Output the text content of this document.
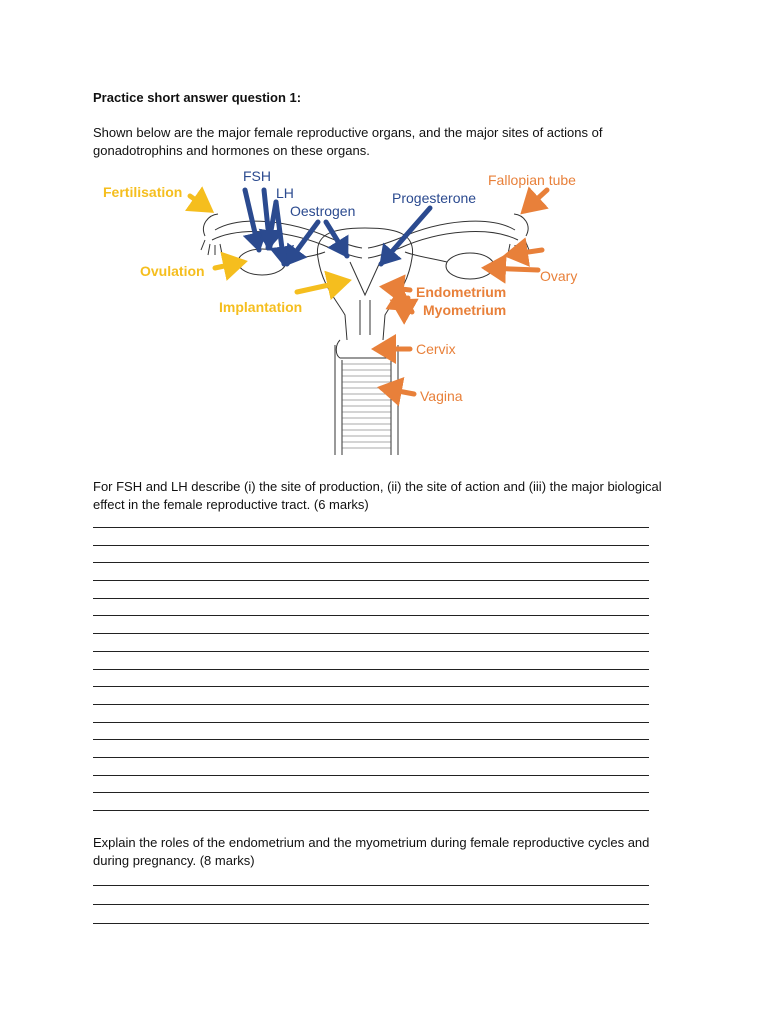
Practice short answer question 1:

Shown below are the major female reproductive organs, and the major sites of actions of gonadotrophins and hormones on these organs.

Fertilisation
Ovulation
Implantation
FSH
LH
Oestrogen
Progesterone
Fallopian tube
Ovary
Endometrium
Myometrium
Cervix
Vagina

For FSH and LH describe (i) the site of production, (ii) the site of action and (iii) the major biological effect in the female reproductive tract. (6 marks)

Explain the roles of the endometrium and the myometrium during female reproductive cycles and during pregnancy. (8 marks)
